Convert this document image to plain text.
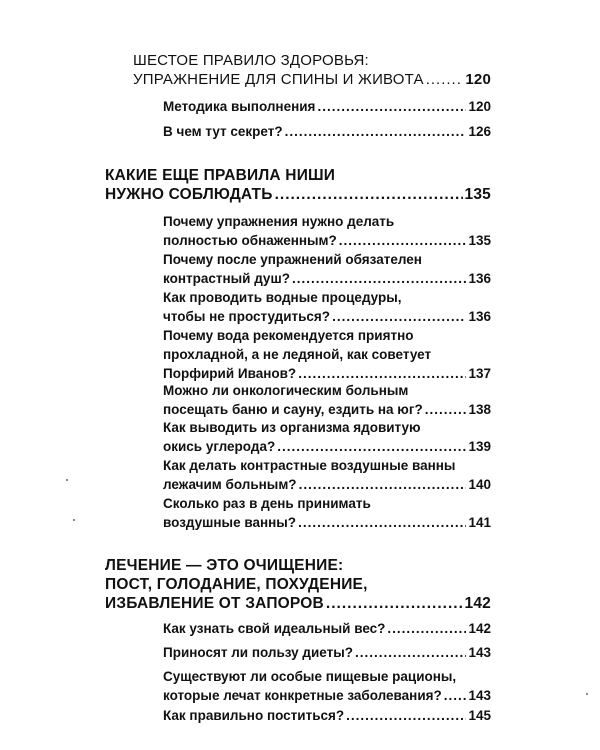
ШЕСТОЕ ПРАВИЛО ЗДОРОВЬЯ:
УПРАЖНЕНИЕ ДЛЯ СПИНЫ И ЖИВОТА .....	120
Методика выполнения .....	120
В чем тут секрет? .....	126
КАКИЕ ЕЩЕ ПРАВИЛА НИШИ
НУЖНО СОБЛЮДАТЬ .....	135
Почему упражнения нужно делать
полностью обнаженным? .....	135
Почему после упражнений обязателен
контрастный душ? .....	136
Как проводить водные процедуры,
чтобы не простудиться? .....	136
Почему вода рекомендуется приятно
прохладной, а не ледяной, как советует
Порфирий Иванов? .....	137
Можно ли онкологическим больным
посещать баню и сауну, ездить на юг? .....	138
Как выводить из организма ядовитую
окись углерода? .....	139
Как делать контрастные воздушные ванны
лежачим больным? .....	140
Сколько раз в день принимать
воздушные ванны? .....	141
ЛЕЧЕНИЕ — ЭТО ОЧИЩЕНИЕ:
ПОСТ, ГОЛОДАНИЕ, ПОХУДЕНИЕ,
ИЗБАВЛЕНИЕ ОТ ЗАПОРОВ .....	142
Как узнать свой идеальный вес? .....	142
Приносят ли пользу диеты? .....	143
Существуют ли особые пищевые рационы,
которые лечат конкретные заболевания? ..... 143
Как правильно поститься? .....	145
